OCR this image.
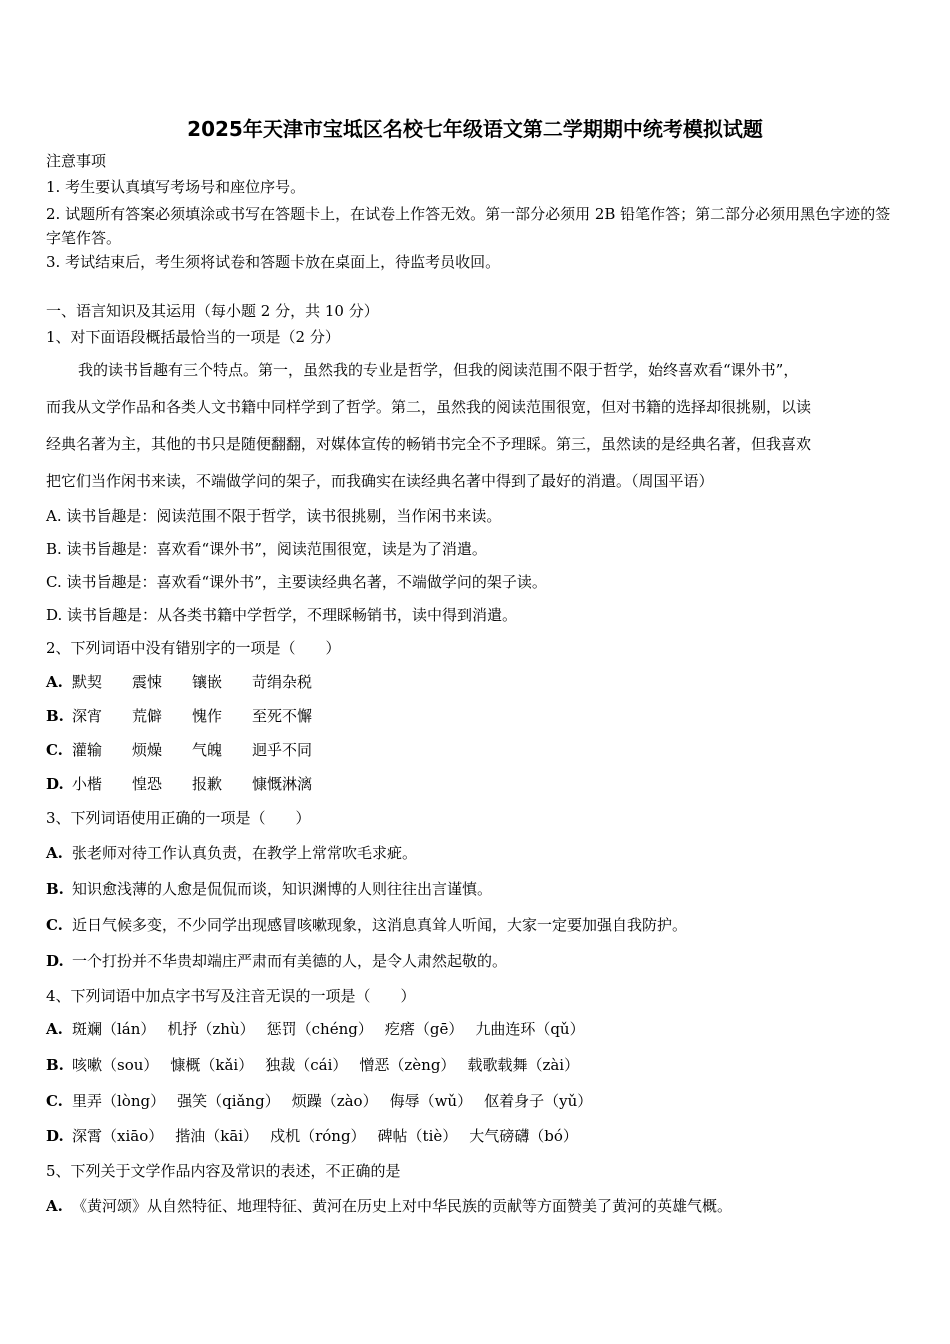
2025年天津市宝坻区名校七年级语文第二学期期中统考模拟试题
注意事项
1. 考生要认真填写考场号和座位序号。
2. 试题所有答案必须填涂或书写在答题卡上，在试卷上作答无效。第一部分必须用 2B 铅笔作答；第二部分必须用黑色字迹的签字笔作答。
3. 考试结束后，考生须将试卷和答题卡放在桌面上，待监考员收回。
一、语言知识及其运用（每小题 2 分，共 10 分）
1、对下面语段概括最恰当的一项是（2 分）
我的读书旨趣有三个特点。第一，虽然我的专业是哲学，但我的阅读范围不限于哲学，始终喜欢看“课外书”，
而我从文学作品和各类人文书籍中同样学到了哲学。第二，虽然我的阅读范围很宽，但对书籍的选择却很挑剔，以读
经典名著为主，其他的书只是随便翻翻，对媒体宣传的畅销书完全不予理睬。第三，虽然读的是经典名著，但我喜欢
把它们当作闲书来读，不端做学问的架子，而我确实在读经典名著中得到了最好的消遣。（周国平语）
A. 读书旨趣是：阅读范围不限于哲学，读书很挑剔，当作闲书来读。
B. 读书旨趣是：喜欢看“课外书”，阅读范围很宽，读是为了消遣。
C. 读书旨趣是：喜欢看“课外书”，主要读经典名著，不端做学问的架子读。
D. 读书旨趣是：从各类书籍中学哲学，不理睬畅销书，读中得到消遣。
2、下列词语中没有错别字的一项是（　　）
A. 默契 震悚 镶嵌 苛绢杂税
B. 深宵 荒僻 愧作 至死不懈
C. 灌输 烦燥 气魄 迥乎不同
D. 小楷 惶恐 报歉 慷慨淋漓
3、下列词语使用正确的一项是（　　）
A. 张老师对待工作认真负责，在教学上常常吹毛求疵。
B. 知识愈浅薄的人愈是侃侃而谈，知识渊博的人则往往出言谨慎。
C. 近日气候多变，不少同学出现感冒咳嗽现象，这消息真耸人听闻，大家一定要加强自我防护。
D. 一个打扮并不华贵却端庄严肃而有美德的人，是令人肃然起敬的。
4、下列词语中加点字书写及注音无误的一项是（　　）
A. 斑斓（lán） 机抒（zhù） 惩罚（chéng） 疙瘩（gē） 九曲连环（qǔ）
B. 咳嗽（sou） 慷概（kǎi） 独裁（cái） 憎恶（zèng） 载歌载舞（zài）
C. 里弄（lòng） 强笑（qiǎng） 烦躁（zào） 侮辱（wǔ） 伛着身子（yǔ）
D. 深霄（xiāo） 揩油（kāi） 戍机（róng） 碑帖（tiè） 大气磅礴（bó）
5、下列关于文学作品内容及常识的表述，不正确的是
A. 《黄河颂》从自然特征、地理特征、黄河在历史上对中华民族的贡献等方面赞美了黄河的英雄气概。
